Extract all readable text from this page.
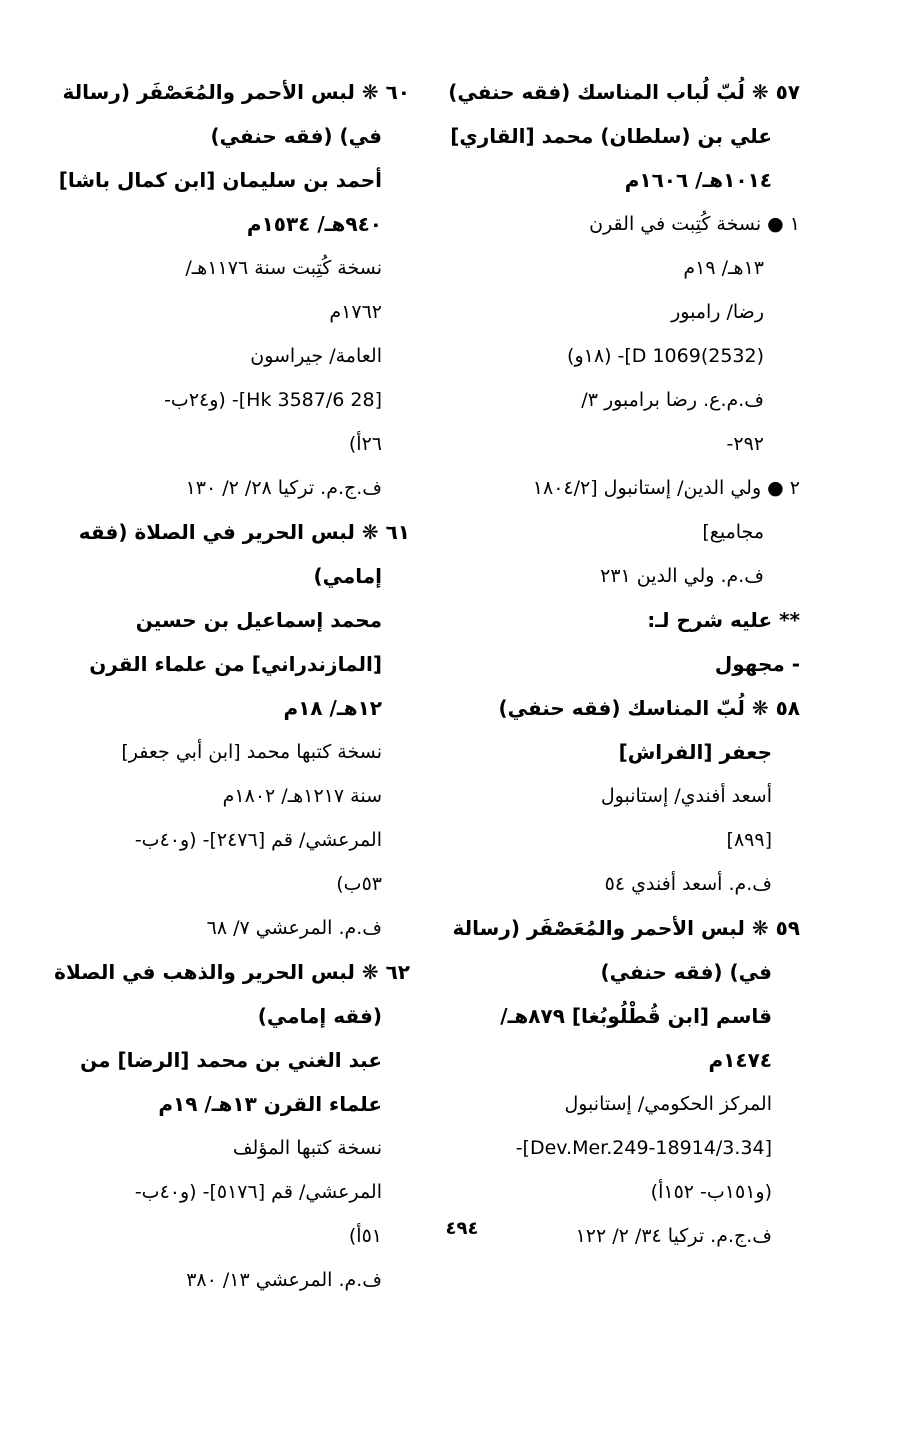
٥٧ ❋ لُبّ لُباب المناسك (فقه حنفي)
علي بن (سلطان) محمد [القاري]
١٠١٤هـ/ ١٦٠٦م
١ ● نسخة كُتِبت في القرن
١٣هـ/ ١٩م
رضا/ رامبور
D 1069(2532)]- (١٨و)
ف.م.ع. رضا برامبور ٣/
٢٩٢-
٢ ● ولي الدين/ إستانبول [١٨٠٤/٢
مجاميع]
ف.م. ولي الدين ٢٣١
** عليه شرح لـ:
- مجهول
٥٨ ❋ لُبّ المناسك (فقه حنفي)
جعفر [الفراش]
أسعد أفندي/ إستانبول
[٨٩٩]
ف.م. أسعد أفندي ٥٤
٥٩ ❋ لبس الأحمر والمُعَصْفَر (رسالة
في) (فقه حنفي)
قاسم [ابن قُطْلُوبُغا] ٨٧٩هـ/
١٤٧٤م
المركز الحكومي/ إستانبول
[34.Dev.Mer.249-18914/3]-
(و١٥١ب- ١٥٢أ)
ف.ج.م. تركيا ٣٤/ ٢/ ١٢٢
٦٠ ❋ لبس الأحمر والمُعَصْفَر (رسالة
في) (فقه حنفي)
أحمد بن سليمان [ابن كمال باشا]
٩٤٠هـ/ ١٥٣٤م
نسخة كُتِبت سنة ١١٧٦هـ/
١٧٦٢م
العامة/ جيراسون
[28 Hk 3587/6]- (و٢٤ب-
٢٦أ)
ف.ج.م. تركيا ٢٨/ ٢/ ١٣٠
٦١ ❋ لبس الحرير في الصلاة (فقه
إمامي)
محمد إسماعيل بن حسين
[المازندراني] من علماء القرن
١٢هـ/ ١٨م
نسخة كتبها محمد [ابن أبي جعفر]
سنة ١٢١٧هـ/ ١٨٠٢م
المرعشي/ قم [٢٤٧٦]- (و٤٠ب-
٥٣ب)
ف.م. المرعشي ٧/ ٦٨
٦٢ ❋ لبس الحرير والذهب في الصلاة
(فقه إمامي)
عبد الغني بن محمد [الرضا] من
علماء القرن ١٣هـ/ ١٩م
نسخة كتبها المؤلف
المرعشي/ قم [٥١٧٦]- (و٤٠ب-
٥١أ)
ف.م. المرعشي ١٣/ ٣٨٠
٤٩٤
